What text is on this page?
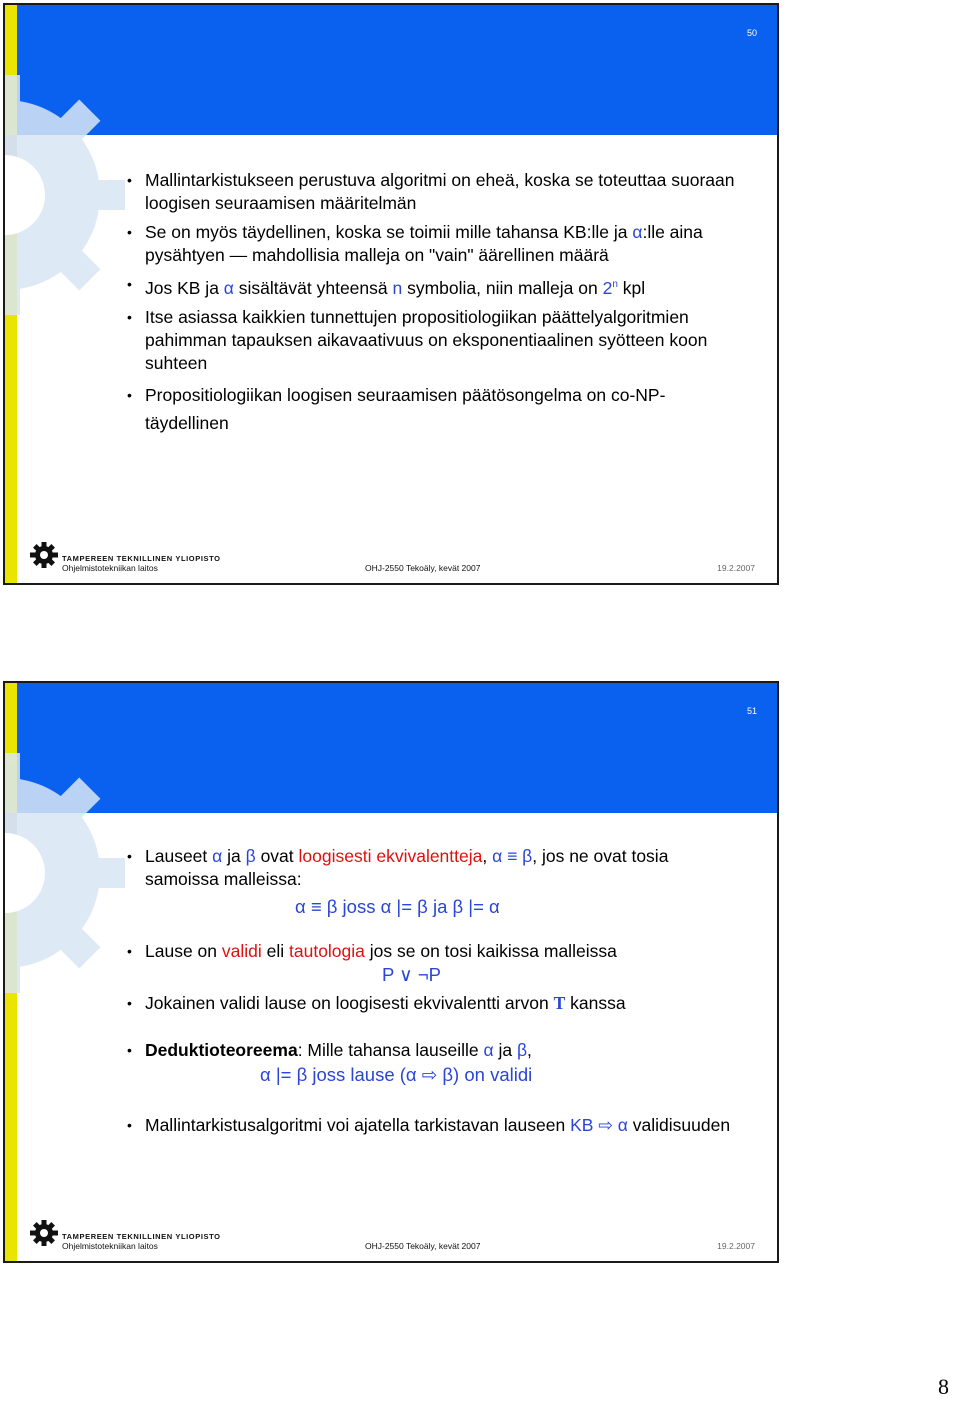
50
• Mallintarkistukseen perustuva algoritmi on eheä, koska se toteuttaa suoraan loogisen seuraamisen määritelmän
• Se on myös täydellinen, koska se toimii mille tahansa KB:lle ja α:lle aina pysähtyen — mahdollisia malleja on "vain" äärellinen määrä
• Jos KB ja α sisältävät yhteensä n symbolia, niin malleja on 2$^n$ kpl
• Itse asiassa kaikkien tunnettujen propositiologiikan päättelyalgoritmien pahimman tapauksen aikavaativuus on eksponentiaalinen syötteen koon suhteen
• Propositiologiikan loogisen seuraamisen päätösongelma on co-NP-täydellinen
TAMPEREEN TEKNILLINEN YLIOPISTO
Ohjelmistotekniikan laitos	OHJ-2550 Tekoäly, kevät 2007	19.2.2007
51
• Lauseet α ja β ovat loogisesti ekvivalentteja, α ≡ β, jos ne ovat tosia samoissa malleissa:
α ≡ β joss α |= β ja β |= α
• Lause on validi eli tautologia jos se on tosi kaikissa malleissa
P ∨ ¬P
• Jokainen validi lause on loogisesti ekvivalentti arvon T kanssa
• Deduktioteoreema: Mille tahansa lauseille α ja β,
α |= β joss lause (α ⇨ β) on validi
• Mallintarkistusalgoritmi voi ajatella tarkistavan lauseen KB ⇨ α validisuuden
TAMPEREEN TEKNILLINEN YLIOPISTO
Ohjelmistotekniikan laitos	OHJ-2550 Tekoäly, kevät 2007	19.2.2007
8
